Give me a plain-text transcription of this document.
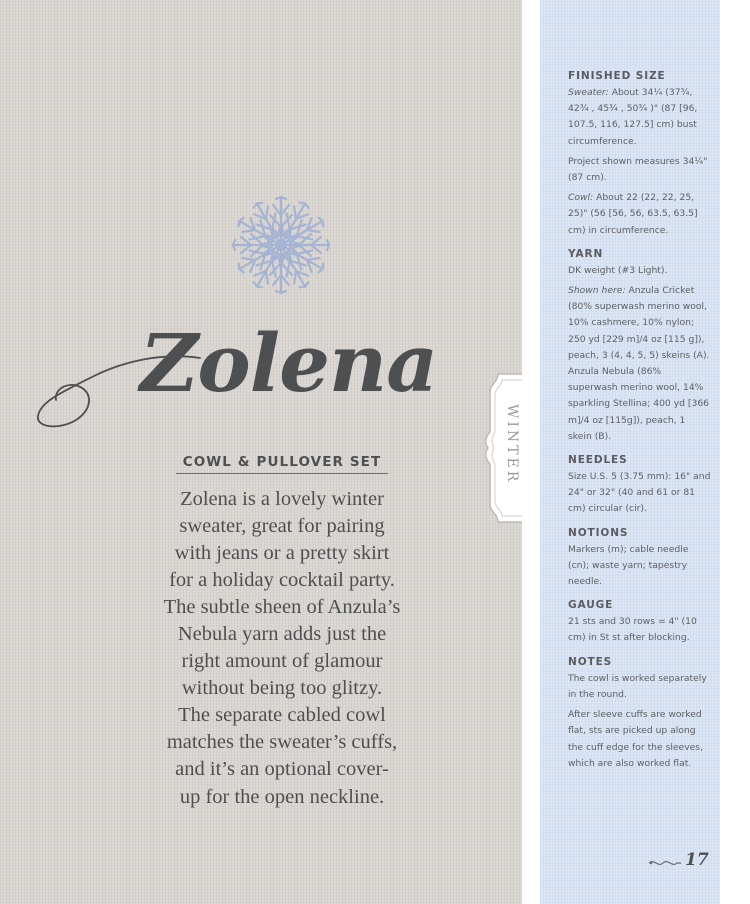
Zolena
COWL & PULLOVER SET

Zolena is a lovely winter
sweater, great for pairing
with jeans or a pretty skirt
for a holiday cocktail party.
The subtle sheen of Anzula’s
Nebula yarn adds just the
right amount of glamour
without being too glitzy.
The separate cabled cowl
matches the sweater’s cuffs,
and it’s an optional cover-
up for the open neckline.

WINTER
FINISHED SIZE

Sweater: About 34¼ (37¾, 42¾ , 45¾ , 50¾ )" (87 [96, 107.5, 116, 127.5] cm) bust circumference.

Project shown measures 34¼" (87 cm).

Cowl: About 22 (22, 22, 25, 25)" (56 [56, 56, 63.5, 63.5] cm) in circumference.

YARN

DK weight (#3 Light).

Shown here: Anzula Cricket (80% superwash merino wool, 10% cashmere, 10% nylon; 250 yd [229 m]/4 oz [115 g]), peach, 3 (4, 4, 5, 5) skeins (A). Anzula Nebula (86% superwash merino wool, 14% sparkling Stellina; 400 yd [366 m]/4 oz [115g]), peach, 1 skein (B).

NEEDLES

Size U.S. 5 (3.75 mm): 16" and 24" or 32" (40 and 61 or 81 cm) circular (cir).

NOTIONS

Markers (m); cable needle (cn); waste yarn; tapestry needle.

GAUGE

21 sts and 30 rows = 4" (10 cm) in St st after blocking.

NOTES

The cowl is worked separately in the round.

After sleeve cuffs are worked flat, sts are picked up along the cuff edge for the sleeves, which are also worked flat.

17
